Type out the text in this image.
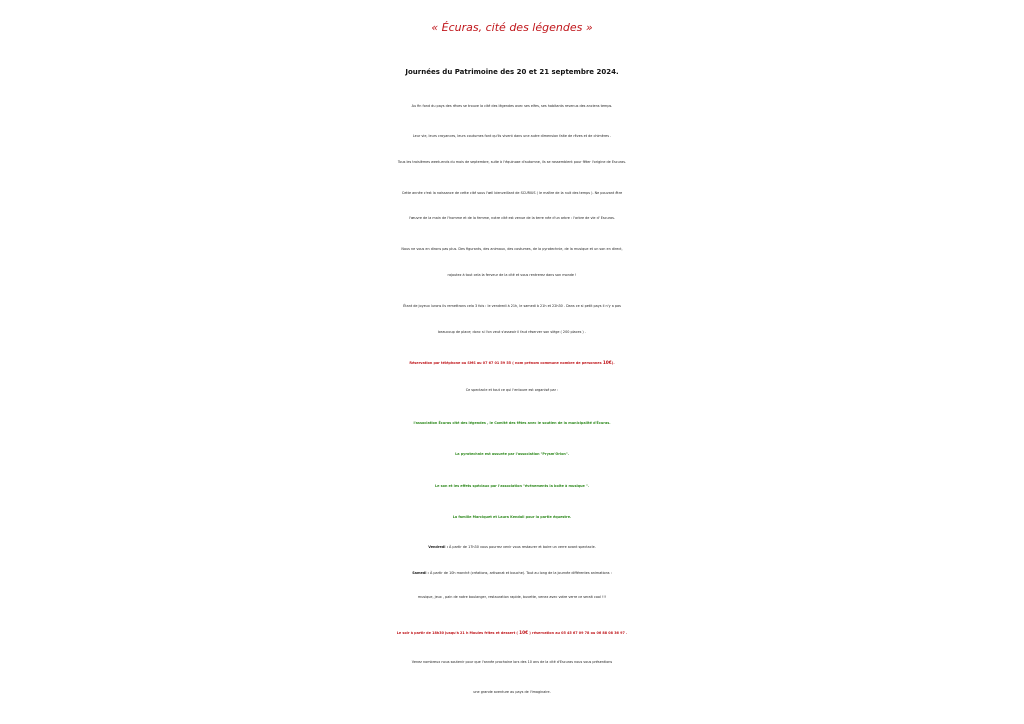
« Écuras, cité des légendes »
Journées du Patrimoine des 20 et 21 septembre 2024.
Au fin fond du pays des rêves se trouve la cité des légendes avec ses elfes, ses habitants revenus des anciens temps.
Leur vie, leurs croyances, leurs coutumes font qu'ils vivent dans une autre dimension faite de rêves et de chimères .
Tous les troisièmes week-ends du mois de septembre, suite à l'équinoxe d'automne, ils se rassemblent pour fêter l'origine de Escuras.
Cette année c'est la naissance de cette cité sous l'œil bienveillant de SCURIUS ( le maître de la nuit des temps ). Ne pouvant être
l'œuvre de la main de l'homme et de la femme, notre cité est venue de la terre née d'un arbre : l'arbre de vie d' Escuras.
Nous ne vous en dirons pas plus. Des figurants, des animaux, des costumes, de la pyrotechnie, de la musique et un son en direct,
rajoutez à tout cela la ferveur de la cité et vous rentrerez dans son monde !
Étant de joyeux lurons ils remettrons cela 3 fois : le vendredi à 21h, le samedi à 21h et 22h30 . Dans ce si petit pays il n'y a pas
beaucoup de place; donc si l'on veut s'asseoir il faut réserver son siège ( 200 places ) .
Réservation par téléphone ou SMS au 07 67 01 59 55 ( nom prénom commune nombre de personnes 10€).
Ce spectacle et tout ce qui l'entoure est organisé par :
l'association Écuras cité des légendes , le Comité des fêtes avec le soutien de la municipalité d'Écuras.
La pyrotechnie est assurée par l'association "Prysm'Orion".
Le son et les effets spéciaux par l'association "événements la boite à musique ".
La famille Marciquet et Laura Kendall pour la partie équestre.
Vendredi : À partir de 17h30 vous pourrez venir vous restaurer et boire un verre avant spectacle.
Samedi : À partir de 10h marché (créations, artisanat et bouche). Tout au long de la journée différentes animations :
musique, jeux , pain de notre boulanger, restauration rapide, buvette, venez avec votre verre ce serait cool !!!
Le soir à partir de 18h30 jusqu'à 21 h Moules frites et dessert ( 10€ ) réservation au 05 45 67 09 78 ou 06 88 08 36 97 .
Venez nombreux nous soutenir pour que l'année prochaine lors des 10 ans de la cité d'Escuras nous vous présentions
une grande aventure au pays de l'imaginaire.
